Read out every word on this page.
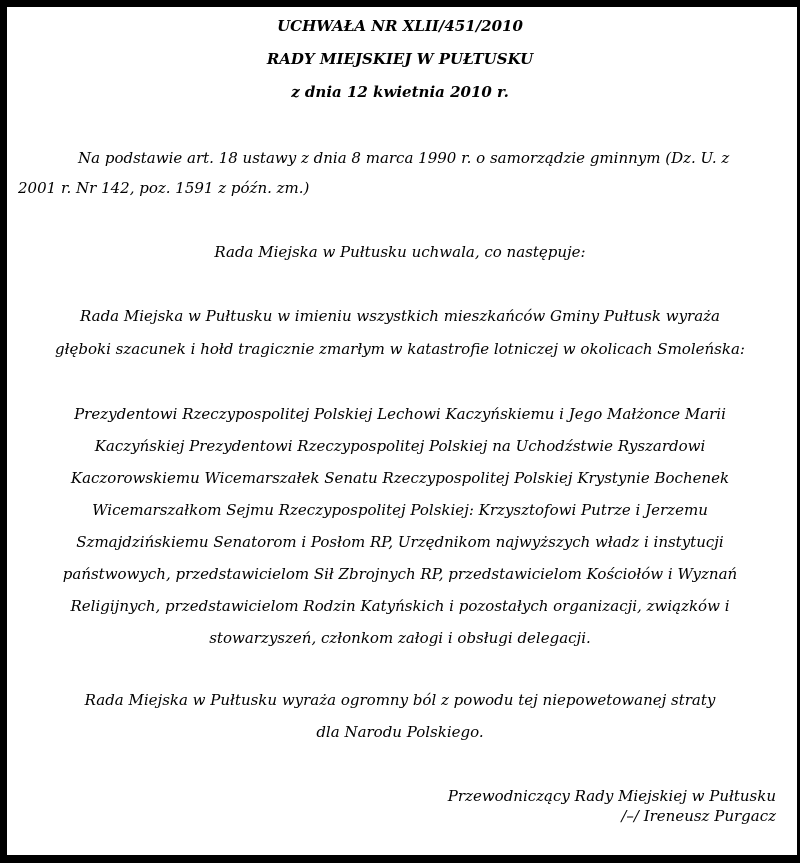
UCHWAŁA NR XLII/451/2010
RADY MIEJSKIEJ W PUŁTUSKU
z dnia 12 kwietnia 2010 r.
Na podstawie art. 18 ustawy z dnia 8 marca 1990 r. o samorządzie gminnym (Dz. U. z
2001 r. Nr 142, poz. 1591 z późn. zm.)
Rada Miejska w Pułtusku uchwala, co następuje:
Rada Miejska w Pułtusku w imieniu wszystkich mieszkańców Gminy Pułtusk wyraża
głęboki szacunek i hołd tragicznie zmarłym w katastrofie lotniczej w okolicach Smoleńska:
Prezydentowi Rzeczypospolitej Polskiej Lechowi Kaczyńskiemu i Jego Małżonce Marii
Kaczyńskiej Prezydentowi Rzeczypospolitej Polskiej na Uchodźstwie Ryszardowi
Kaczorowskiemu Wicemarszałek Senatu Rzeczypospolitej Polskiej Krystynie Bochenek
Wicemarszałkom Sejmu Rzeczypospolitej Polskiej: Krzysztofowi Putrze i Jerzemu
Szmajdzińskiemu Senatorom i Posłom RP, Urzędnikom najwyższych władz i instytucji
państwowych, przedstawicielom Sił Zbrojnych RP, przedstawicielom Kościołów i Wyznań
Religijnych, przedstawicielom Rodzin Katyńskich i pozostałych organizacji, związków i
stowarzyszeń, członkom załogi i obsługi delegacji.
Rada Miejska w Pułtusku wyraża ogromny ból z powodu tej niepowetowanej straty
dla Narodu Polskiego.
Przewodniczący Rady Miejskiej w Pułtusku
/–/ Ireneusz Purgacz
